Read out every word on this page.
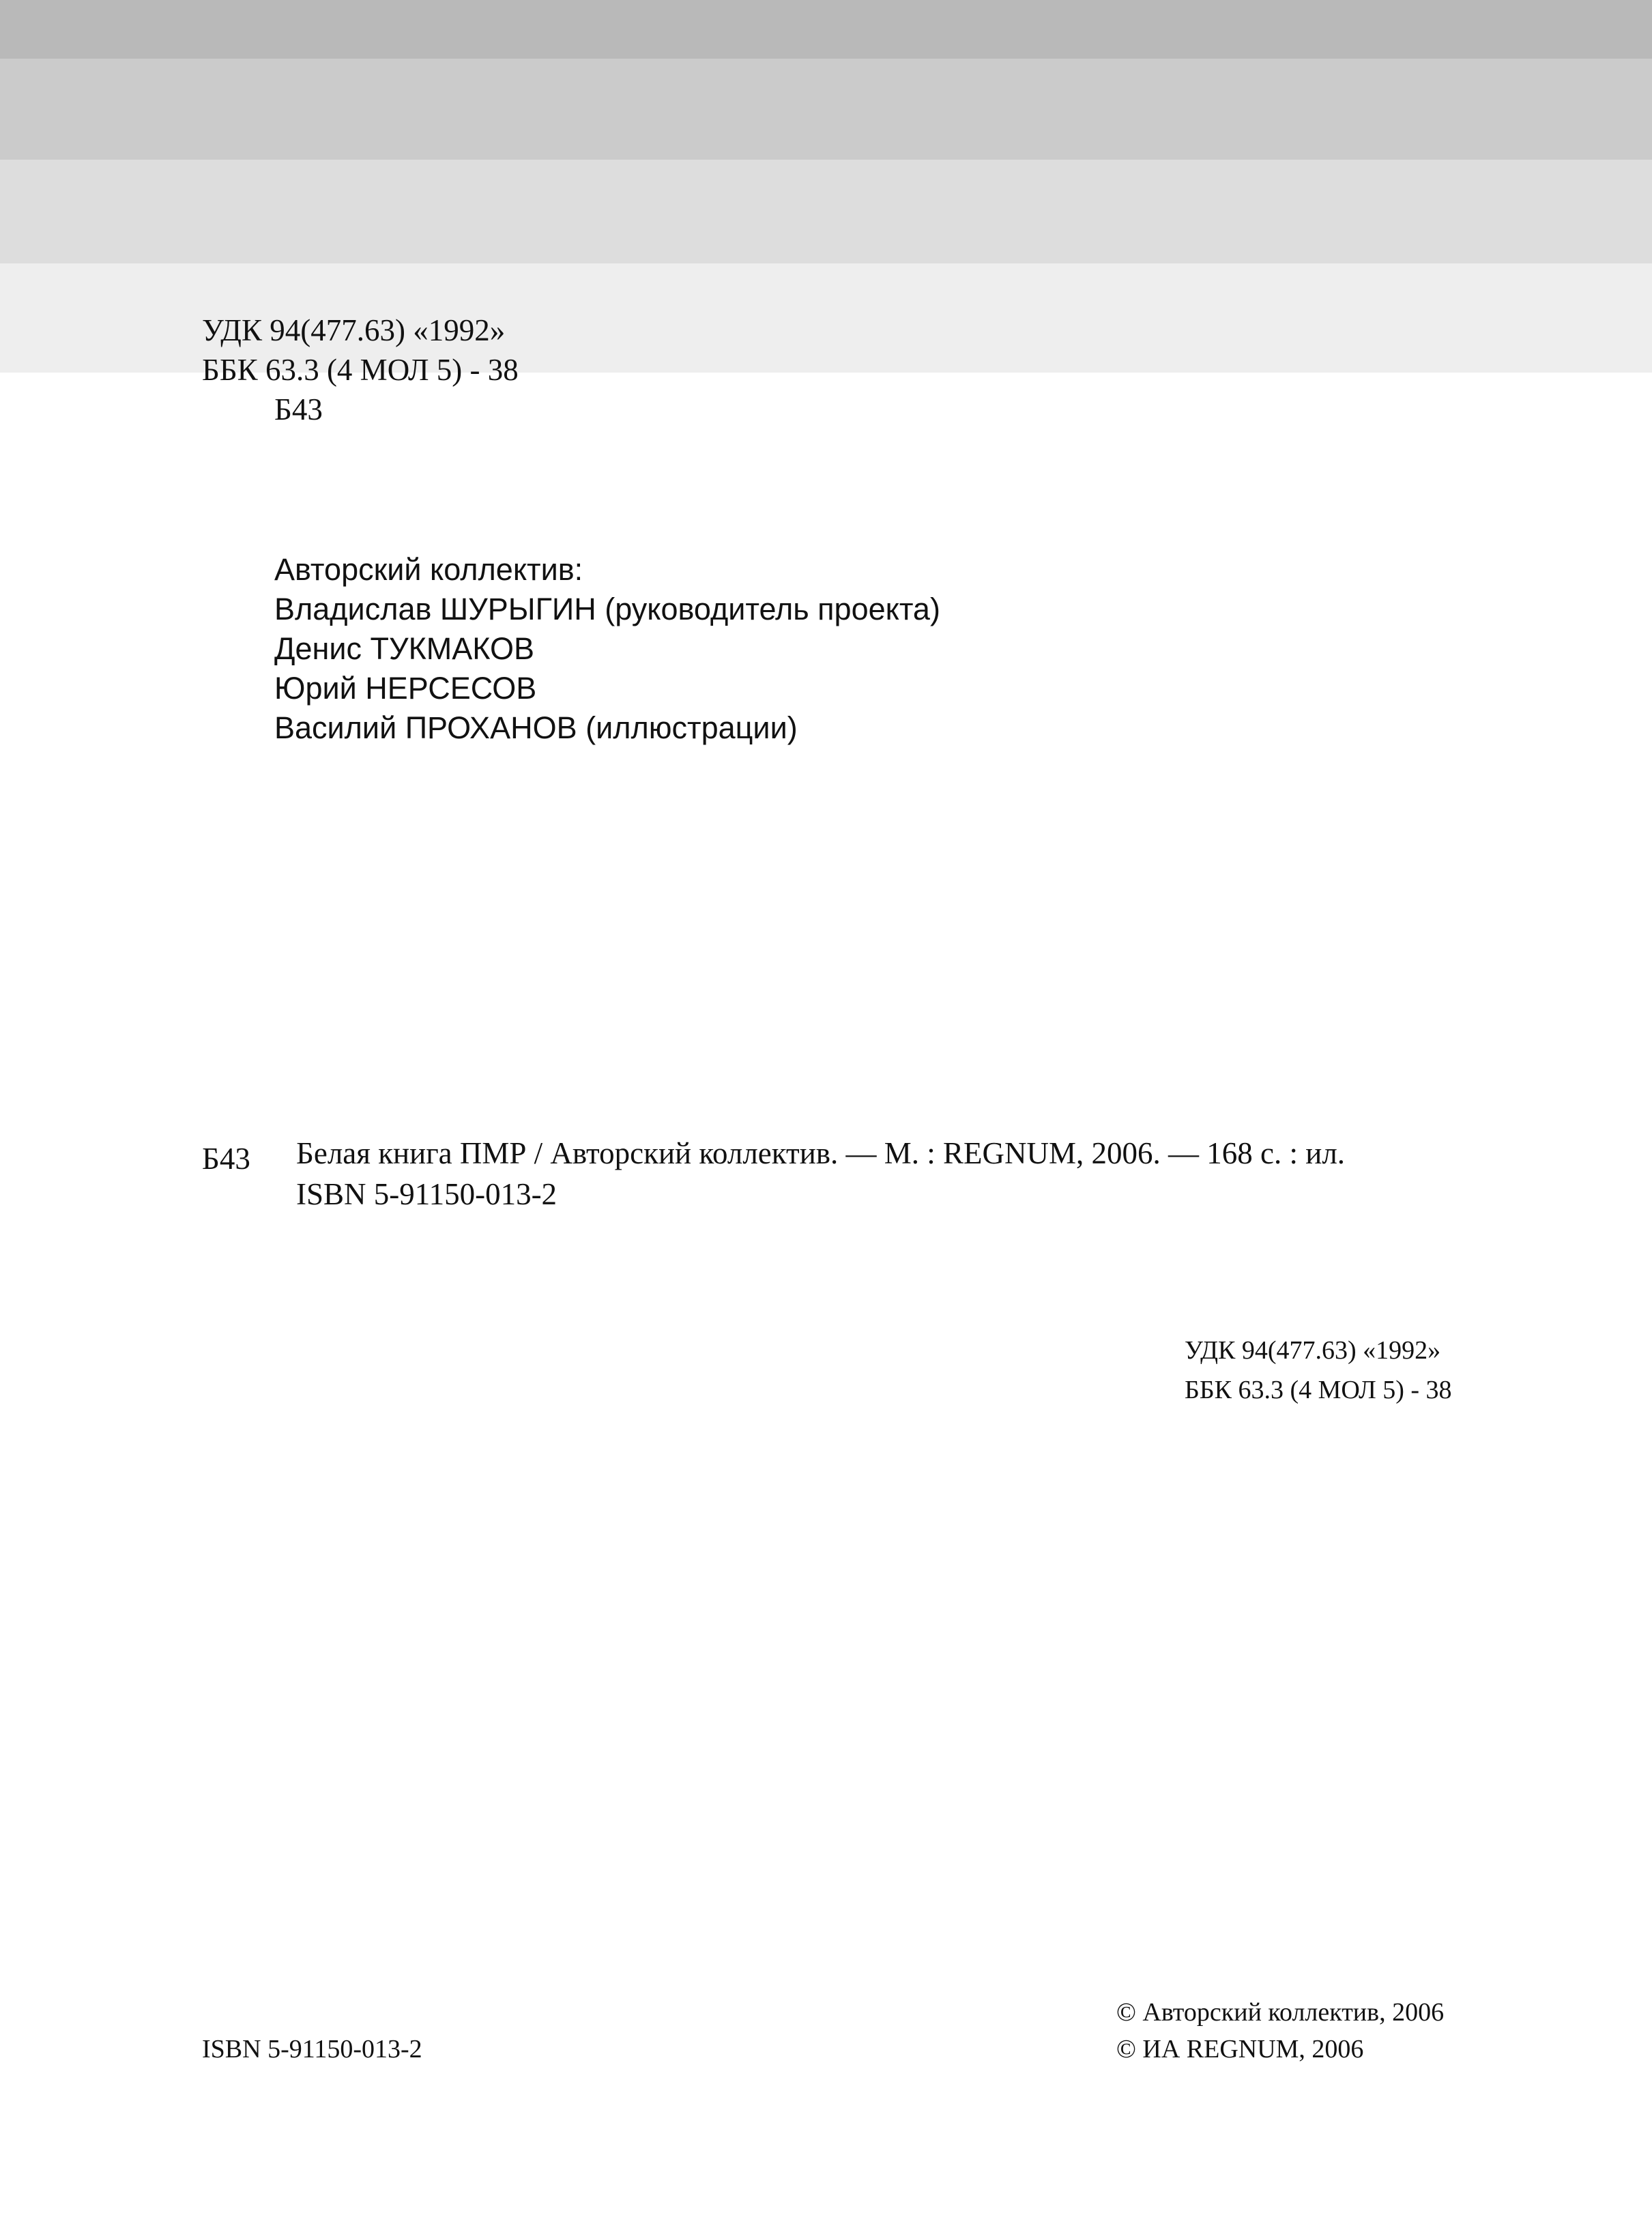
УДК 94(477.63) «1992»
ББК 63.3 (4 МОЛ 5) - 38
Б43
Авторский коллектив:
Владислав ШУРЫГИН (руководитель проекта)
Денис ТУКМАКОВ
Юрий НЕРСЕСОВ
Василий ПРОХАНОВ (иллюстрации)
Б43 Белая книга ПМР / Авторский коллектив. — М. : REGNUM, 2006. — 168 с. : ил.
ISBN 5-91150-013-2
УДК 94(477.63) «1992»
ББК 63.3 (4 МОЛ 5) - 38
© Авторский коллектив, 2006
ISBN 5-91150-013-2	© ИА REGNUM, 2006
